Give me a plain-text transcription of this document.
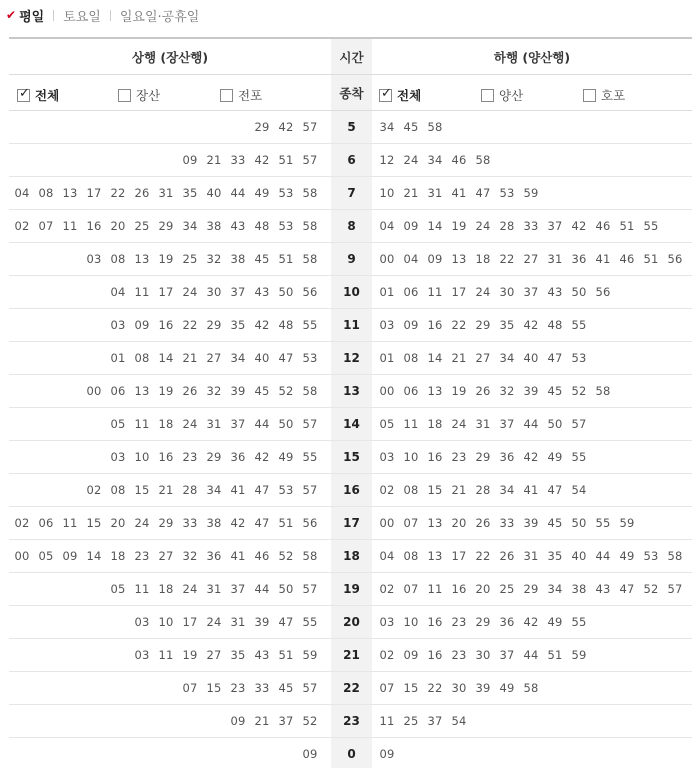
✔ 평일 토요일 일요일·공휴일
상행 (장산행)	시간	하행 (양산행)
✓ 전체	장산	전포	종착	✓ 전체	양산	호포
29 42 57	5	34 45 58
09 21 33 42 51 57	6	12 24 34 46 58
04 08 13 17 22 26 31 35 40 44 49 53 58	7	10 21 31 41 47 53 59
02 07 11 16 20 25 29 34 38 43 48 53 58	8	04 09 14 19 24 28 33 37 42 46 51 55
03 08 13 19 25 32 38 45 51 58	9	00 04 09 13 18 22 27 31 36 41 46 51 56
04 11 17 24 30 37 43 50 56	10	01 06 11 17 24 30 37 43 50 56
03 09 16 22 29 35 42 48 55	11	03 09 16 22 29 35 42 48 55
01 08 14 21 27 34 40 47 53	12	01 08 14 21 27 34 40 47 53
00 06 13 19 26 32 39 45 52 58	13	00 06 13 19 26 32 39 45 52 58
05 11 18 24 31 37 44 50 57	14	05 11 18 24 31 37 44 50 57
03 10 16 23 29 36 42 49 55	15	03 10 16 23 29 36 42 49 55
02 08 15 21 28 34 41 47 53 57	16	02 08 15 21 28 34 41 47 54
02 06 11 15 20 24 29 33 38 42 47 51 56	17	00 07 13 20 26 33 39 45 50 55 59
00 05 09 14 18 23 27 32 36 41 46 52 58	18	04 08 13 17 22 26 31 35 40 44 49 53 58
05 11 18 24 31 37 44 50 57	19	02 07 11 16 20 25 29 34 38 43 47 52 57
03 10 17 24 31 39 47 55	20	03 10 16 23 29 36 42 49 55
03 11 19 27 35 43 51 59	21	02 09 16 23 30 37 44 51 59
07 15 23 33 45 57	22	07 15 22 30 39 49 58
09 21 37 52	23	11 25 37 54
09	0	09
